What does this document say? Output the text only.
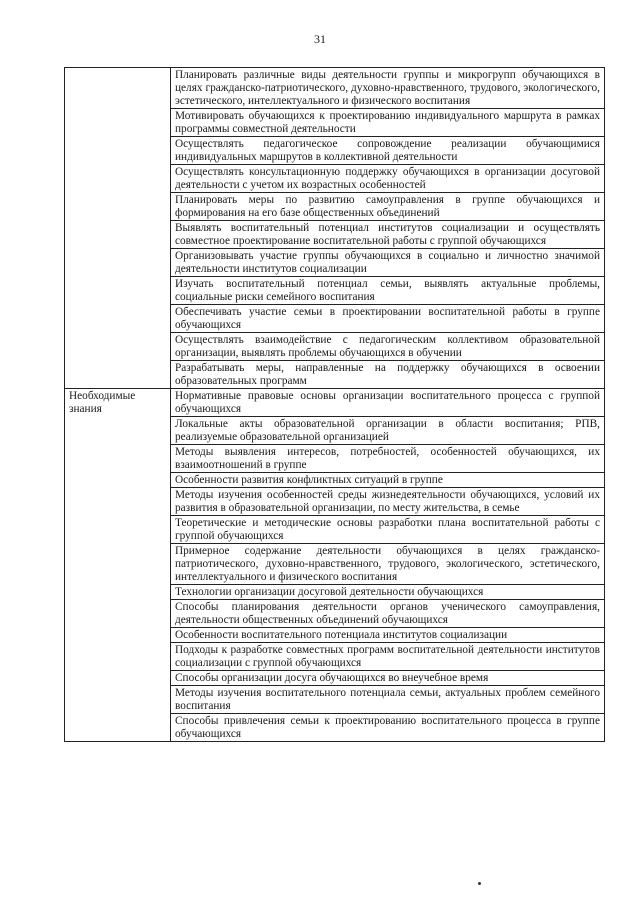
31
	Планировать различные виды деятельности группы и микрогрупп обучающихся в целях гражданско-патриотического, духовно-нравственного, трудового, экологического, эстетического, интеллектуального и физического воспитания
	Мотивировать обучающихся к проектированию индивидуального маршрута в рамках программы совместной деятельности
	Осуществлять педагогическое сопровождение реализации обучающимися индивидуальных маршрутов в коллективной деятельности
	Осуществлять консультационную поддержку обучающихся в организации досуговой деятельности с учетом их возрастных особенностей
	Планировать меры по развитию самоуправления в группе обучающихся и формирования на его базе общественных объединений
	Выявлять воспитательный потенциал институтов социализации и осуществлять совместное проектирование воспитательной работы с группой обучающихся
	Организовывать участие группы обучающихся в социально и личностно значимой деятельности институтов социализации
	Изучать воспитательный потенциал семьи, выявлять актуальные проблемы, социальные риски семейного воспитания
	Обеспечивать участие семьи в проектировании воспитательной работы в группе обучающихся
	Осуществлять взаимодействие с педагогическим коллективом образовательной организации, выявлять проблемы обучающихся в обучении
	Разрабатывать меры, направленные на поддержку обучающихся в освоении образовательных программ
Необходимые знания	Нормативные правовые основы организации воспитательного процесса с группой обучающихся
	Локальные акты образовательной организации в области воспитания; РПВ, реализуемые образовательной организацией
	Методы выявления интересов, потребностей, особенностей обучающихся, их взаимоотношений в группе
	Особенности развития конфликтных ситуаций в группе
	Методы изучения особенностей среды жизнедеятельности обучающихся, условий их развития в образовательной организации, по месту жительства, в семье
	Теоретические и методические основы разработки плана воспитательной работы с группой обучающихся
	Примерное содержание деятельности обучающихся в целях гражданско-патриотического, духовно-нравственного, трудового, экологического, эстетического, интеллектуального и физического воспитания
	Технологии организации досуговой деятельности обучающихся
	Способы планирования деятельности органов ученического самоуправления, деятельности общественных объединений обучающихся
	Особенности воспитательного потенциала институтов социализации
	Подходы к разработке совместных программ воспитательной деятельности институтов социализации с группой обучающихся
	Способы организации досуга обучающихся во внеучебное время
	Методы изучения воспитательного потенциала семьи, актуальных проблем семейного воспитания
	Способы привлечения семьи к проектированию воспитательного процесса в группе обучающихся
